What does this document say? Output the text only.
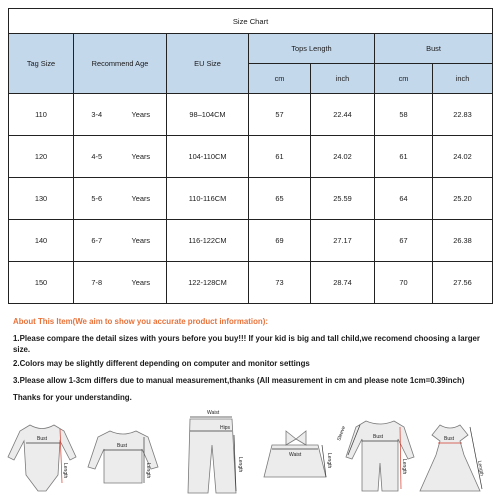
Size Chart							
Tag Size	Recommend Age		EU Size	Tops Length		Bust	
				cm	inch	cm	inch
110	3-4	Years	98–104CM	57	22.44	58	22.83
120	4-5	Years	104-110CM	61	24.02	61	24.02
130	5-6	Years	110-116CM	65	25.59	64	25.20
140	6-7	Years	116-122CM	69	27.17	67	26.38
150	7-8	Years	122-128CM	73	28.74	70	27.56
About This Item(We aim to show you accurate product information):
1.Please compare the detail sizes with yours before you buy!!! If your kid is big and tall child,we recomend choosing a larger size.
2.Colors may be slightly different depending on computer and monitor settings
3.Please allow 1-3cm differs due to manual measurement,thanks (All measurement in cm and please note 1cm=0.39inch)
Thanks for your understanding.
Bust
Length
Bust
Length
Waist
Hips
Length
Waist	Length
Bust
Sleeve
Length
Bust
Length
